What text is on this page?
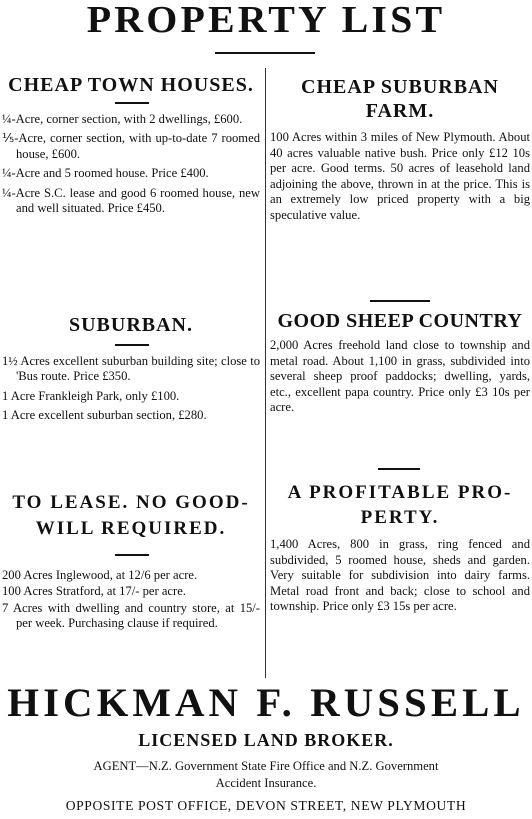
PROPERTY LIST
CHEAP TOWN HOUSES.
¼-Acre, corner section, with 2 dwellings, £600.
⅕-Acre, corner section, with up-to-date 7 roomed house, £600.
¼-Acre and 5 roomed house. Price £400.
¼-Acre S.C. lease and good 6 roomed house, new and well situated. Price £450.
SUBURBAN.
1½ Acres excellent suburban building site; close to 'Bus route. Price £350.
1 Acre Frankleigh Park, only £100.
1 Acre excellent suburban section, £280.
TO LEASE. NO GOOD-
WILL REQUIRED.
200 Acres Inglewood, at 12/6 per acre.
100 Acres Stratford, at 17/- per acre.
7 Acres with dwelling and country store, at 15/- per week. Purchasing clause if required.
CHEAP SUBURBAN
FARM.
100 Acres within 3 miles of New Plymouth. About 40 acres valuable native bush. Price only £12 10s per acre. Good terms. 50 acres of leasehold land adjoining the above, thrown in at the price. This is an extremely low priced property with a big speculative value.
GOOD SHEEP COUNTRY
2,000 Acres freehold land close to township and metal road. About 1,100 in grass, subdivided into several sheep proof paddocks; dwelling, yards, etc., excellent papa country. Price only £3 10s per acre.
A PROFITABLE PRO-
PERTY.
1,400 Acres, 800 in grass, ring fenced and subdivided, 5 roomed house, sheds and garden. Very suitable for subdivision into dairy farms. Metal road front and back; close to school and township. Price only £3 15s per acre.
HICKMAN F. RUSSELL
LICENSED LAND BROKER.
AGENT—N.Z. Government State Fire Office and N.Z. Government
Accident Insurance.
OPPOSITE POST OFFICE, DEVON STREET, NEW PLYMOUTH
